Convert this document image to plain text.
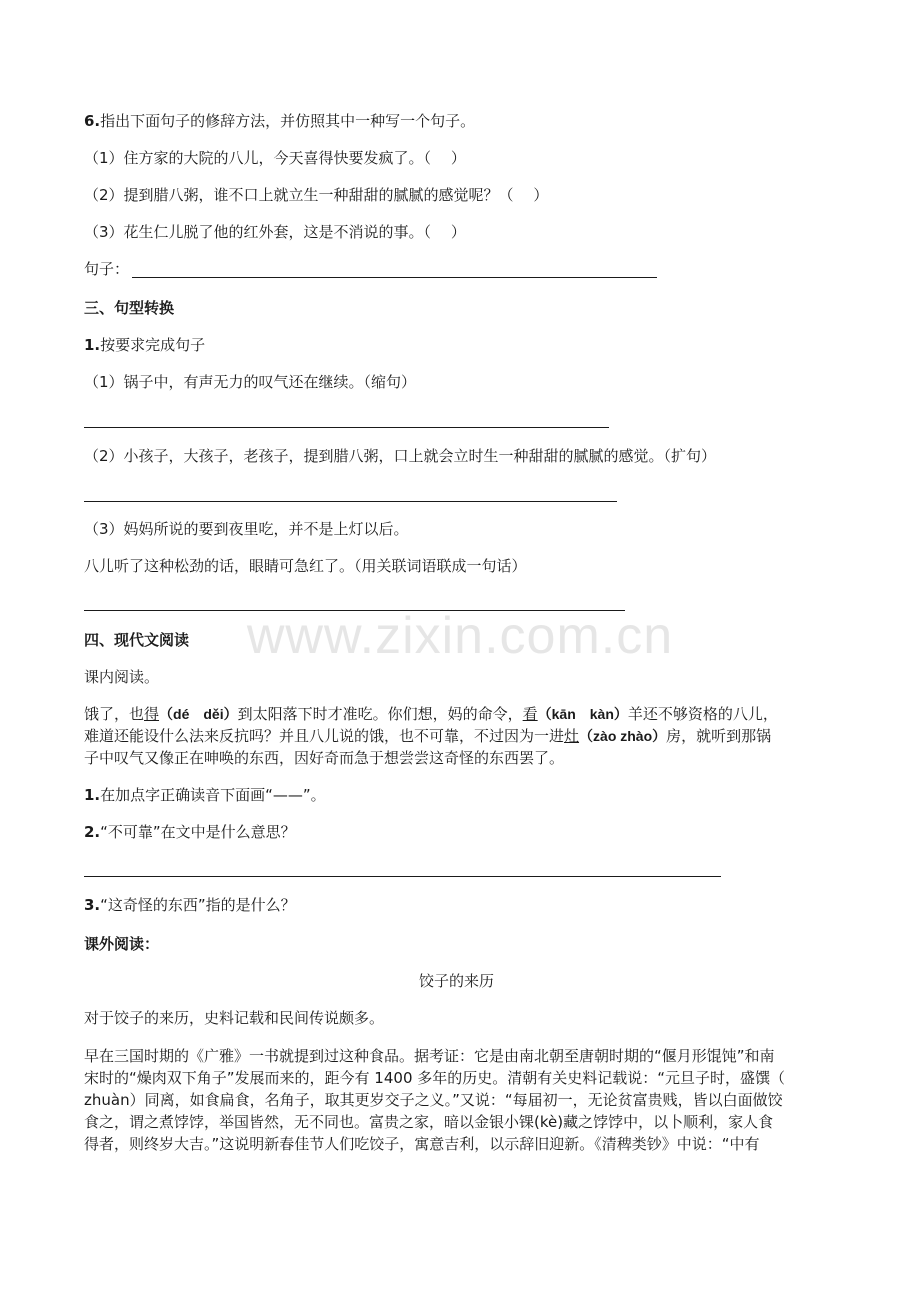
www.zixin.com.cn
6.指出下面句子的修辞方法，并仿照其中一种写一个句子。
（1）住方家的大院的八儿，今天喜得快要发疯了。（　 ）
（2）提到腊八粥，谁不口上就立生一种甜甜的腻腻的感觉呢？（　 ）
（3）花生仁儿脱了他的红外套，这是不消说的事。（　 ）
句子：
三、句型转换
1.按要求完成句子
（1）锅子中，有声无力的叹气还在继续。（缩句）
（2）小孩子，大孩子，老孩子，提到腊八粥，口上就会立时生一种甜甜的腻腻的感觉。（扩句）
（3）妈妈所说的要到夜里吃，并不是上灯以后。
八儿听了这种松劲的话，眼睛可急红了。（用关联词语联成一句话）
四、现代文阅读
课内阅读。
饿了，也得（dé　děi）到太阳落下时才准吃。你们想，妈的命令，看（kān　kàn）羊还不够资格的八儿，
难道还能设什么法来反抗吗？并且八儿说的饿，也不可靠，不过因为一进灶（zào zhào）房，就听到那锅
子中叹气又像正在呻唤的东西，因好奇而急于想尝尝这奇怪的东西罢了。
1.在加点字正确读音下面画“——”。
2.“不可靠”在文中是什么意思？
3.“这奇怪的东西”指的是什么？
课外阅读：
饺子的来历
对于饺子的来历，史料记载和民间传说颇多。
早在三国时期的《广雅》一书就提到过这种食品。据考证：它是由南北朝至唐朝时期的“偃月形馄饨”和南
宋时的“燥肉双下角子”发展而来的，距今有 1400 多年的历史。清朝有关史料记载说：“元旦子时，盛馔（
zhuàn）同离，如食扁食，名角子，取其更岁交子之义。”又说：“每届初一，无论贫富贵贱，皆以白面做饺
食之，谓之煮饽饽，举国皆然，无不同也。富贵之家，暗以金银小锞(kè)藏之饽饽中，以卜顺利，家人食
得者，则终岁大吉。”这说明新春佳节人们吃饺子，寓意吉利，以示辞旧迎新。《清稗类钞》中说：“中有
